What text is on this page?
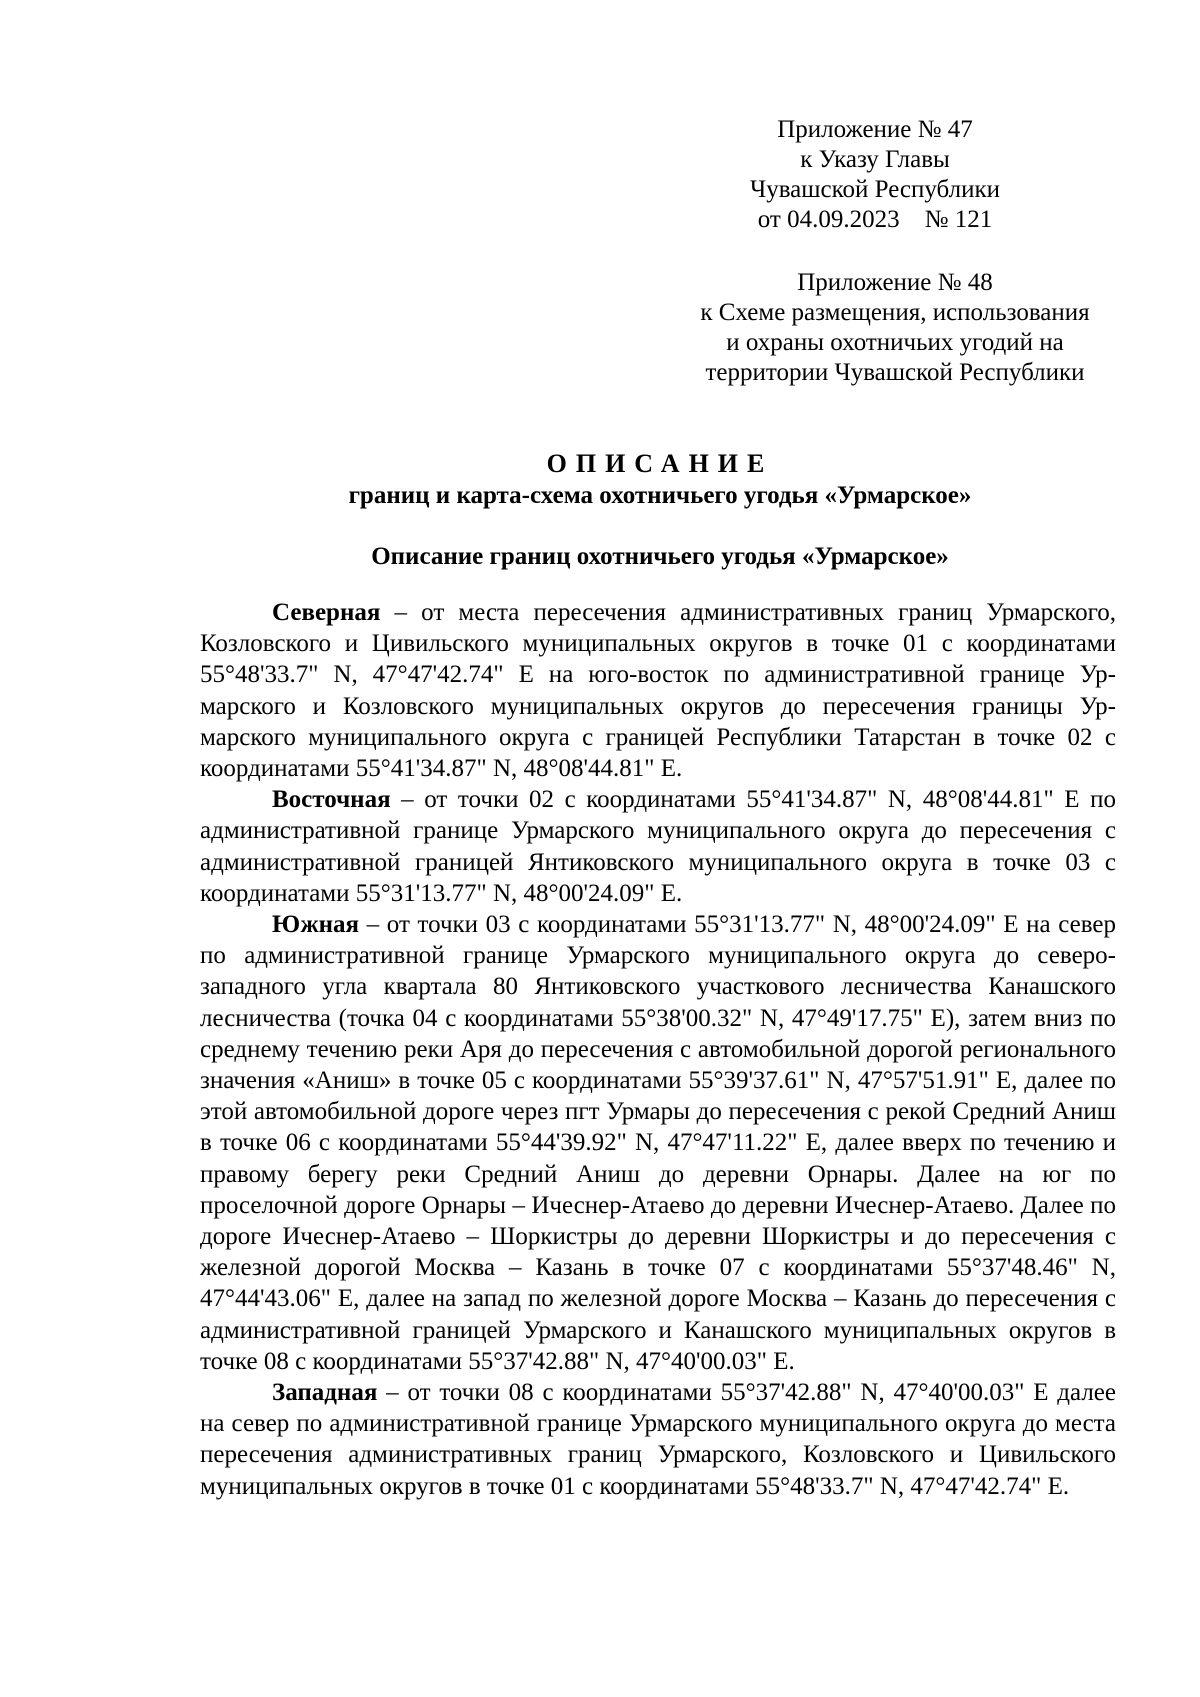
Приложение № 47
к Указу Главы
Чувашской Республики
от 04.09.2023    № 121
Приложение № 48
к Схеме размещения, использования
и охраны охотничьих угодий на
территории Чувашской Республики
ОПИСАНИЕ
границ и карта-схема охотничьего угодья «Урмарское»
Описание границ охотничьего угодья «Урмарское»

Северная – от места пересечения административных границ Урмарского, Козловского и Цивильского муниципальных округов в точке 01 с координатами 55°48'33.7" N, 47°47'42.74" E на юго-восток по административной границе Урмарского и Козловского муниципальных округов до пересечения границы Урмарского муниципального округа с границей Республики Татарстан в точке 02 с координатами 55°41'34.87" N, 48°08'44.81" E.

Восточная – от точки 02 с координатами 55°41'34.87" N, 48°08'44.81" E по административной границе Урмарского муниципального округа до пересечения с административной границей Янтиковского муниципального округа в точке 03 с координатами 55°31'13.77" N, 48°00'24.09" E.

Южная – от точки 03 с координатами 55°31'13.77" N, 48°00'24.09" E на север по административной границе Урмарского муниципального округа до северо-западного угла квартала 80 Янтиковского участкового лесничества Канашского лесничества (точка 04 с координатами 55°38'00.32" N, 47°49'17.75" E), затем вниз по среднему течению реки Аря до пересечения с автомобильной дорогой регионального значения «Аниш» в точке 05 с координатами 55°39'37.61" N, 47°57'51.91" E, далее по этой автомобильной дороге через пгт Урмары до пересечения с рекой Средний Аниш в точке 06 с координатами 55°44'39.92" N, 47°47'11.22" E, далее вверх по течению и правому берегу реки Средний Аниш до деревни Орнары. Далее на юг по проселочной дороге Орнары – Ичеснер-Атаево до деревни Ичеснер-Атаево. Далее по дороге Ичеснер-Атаево – Шоркистры до деревни Шоркистры и до пересечения с железной дорогой Москва – Казань в точке 07 с координатами 55°37'48.46" N, 47°44'43.06" E, далее на запад по железной дороге Москва – Казань до пересечения с административной границей Урмарского и Канашского муниципальных округов в точке 08 с координатами 55°37'42.88" N, 47°40'00.03" E.

Западная – от точки 08 с координатами 55°37'42.88" N, 47°40'00.03" E далее на север по административной границе Урмарского муниципального округа до места пересечения административных границ Урмарского, Козловского и Цивильского муниципальных округов в точке 01 с координатами 55°48'33.7" N, 47°47'42.74" E.
